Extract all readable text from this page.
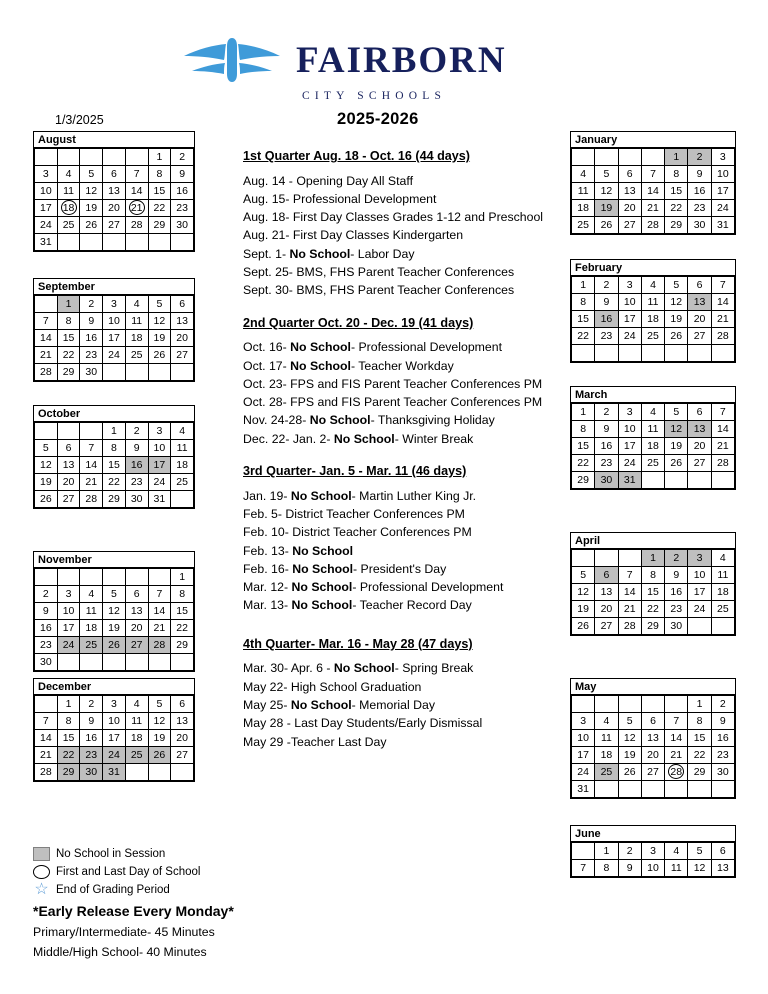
FAIRBORN
CITY SCHOOLS
1/3/2025	2025-2026
1st Quarter Aug. 18 - Oct. 16 (44 days)
Aug. 14 - Opening Day All Staff
Aug. 15- Professional Development
Aug. 18- First Day Classes Grades 1-12 and Preschool
Aug. 21- First Day Classes Kindergarten
Sept. 1- No School- Labor Day
Sept. 25- BMS, FHS Parent Teacher Conferences
Sept. 30- BMS, FHS Parent Teacher Conferences
2nd Quarter Oct. 20 - Dec. 19 (41 days)
Oct. 16- No School- Professional Development
Oct. 17- No School- Teacher Workday
Oct. 23- FPS and FIS Parent Teacher Conferences PM
Oct. 28- FPS and FIS Parent Teacher Conferences PM
Nov. 24-28- No School- Thanksgiving Holiday
Dec. 22- Jan. 2- No School- Winter Break
3rd Quarter- Jan. 5 - Mar. 11 (46 days)
Jan. 19- No School- Martin Luther King Jr.
Feb. 5- District Teacher Conferences PM
Feb. 10- District Teacher Conferences PM
Feb. 13- No School
Feb. 16- No School- President's Day
Mar. 12- No School- Professional Development
Mar. 13- No School- Teacher Record Day
4th Quarter- Mar. 16 - May 28 (47 days)
Mar. 30- Apr. 6 - No School- Spring Break
May 22- High School Graduation
May 25- No School- Memorial Day
May 28 - Last Day Students/Early Dismissal
May 29 -Teacher Last Day
No School in Session
First and Last Day of School
☆ End of Grading Period
*Early Release Every Monday*
Primary/Intermediate- 45 Minutes
Middle/High School- 40 Minutes
August
					1	2
3	4	5	6	7	8	9
10	11	12	13	14	15	16
17	18	19	20	21	22	23
24	25	26	27	28	29	30
31						
September
	1	2	3	4	5	6
7	8	9	10	11	12	13
14	15	16	17	18	19	20
21	22	23	24	25	26	27
28	29	30				
October
			1	2	3	4
5	6	7	8	9	10	11
12	13	14	15	16	17	18
19	20	21	22	23	24	25
26	27	28	29	30	31	
November
						1
2	3	4	5	6	7	8
9	10	11	12	13	14	15
16	17	18	19	20	21	22
23	24	25	26	27	28	29
30						
December
	1	2	3	4	5	6
7	8	9	10	11	12	13
14	15	16	17	18	19	20
21	22	23	24	25	26	27
28	29	30	31			
January
				1	2	3
4	5	6	7	8	9	10
11	12	13	14	15	16	17
18	19	20	21	22	23	24
25	26	27	28	29	30	31
February
1	2	3	4	5	6	7
8	9	10	11	12	13	14
15	16	17	18	19	20	21
22	23	24	25	26	27	28

March
1	2	3	4	5	6	7
8	9	10	11	12	13	14
15	16	17	18	19	20	21
22	23	24	25	26	27	28
29	30	31				
April
			1	2	3	4
5	6	7	8	9	10	11
12	13	14	15	16	17	18
19	20	21	22	23	24	25
26	27	28	29	30		
May
					1	2
3	4	5	6	7	8	9
10	11	12	13	14	15	16
17	18	19	20	21	22	23
24	25	26	27	28	29	30
31						
June
	1	2	3	4	5	6
7	8	9	10	11	12	13
